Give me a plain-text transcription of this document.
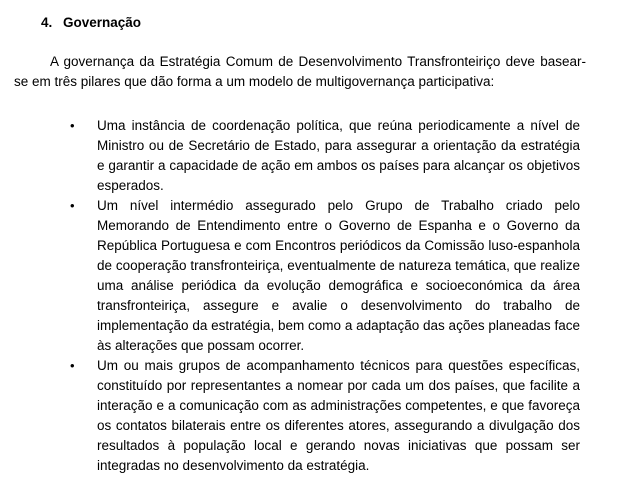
4. Governação

A governança da Estratégia Comum de Desenvolvimento Transfronteiriço deve basear-se em três pilares que dão forma a um modelo de multigovernança participativa:

•	Uma instância de coordenação política, que reúna periodicamente a nível de Ministro ou de Secretário de Estado, para assegurar a orientação da estratégia e garantir a capacidade de ação em ambos os países para alcançar os objetivos esperados.
•	Um nível intermédio assegurado pelo Grupo de Trabalho criado pelo Memorando de Entendimento entre o Governo de Espanha e o Governo da República Portuguesa e com Encontros periódicos da Comissão luso-espanhola de cooperação transfronteiriça, eventualmente de natureza temática, que realize uma análise periódica da evolução demográfica e socioeconómica da área transfronteiriça, assegure e avalie o desenvolvimento do trabalho de implementação da estratégia, bem como a adaptação das ações planeadas face às alterações que possam ocorrer.
•	Um ou mais grupos de acompanhamento técnicos para questões específicas, constituído por representantes a nomear por cada um dos países, que facilite a interação e a comunicação com as administrações competentes, e que favoreça os contatos bilaterais entre os diferentes atores, assegurando a divulgação dos resultados à população local e gerando novas iniciativas que possam ser integradas no desenvolvimento da estratégia.
